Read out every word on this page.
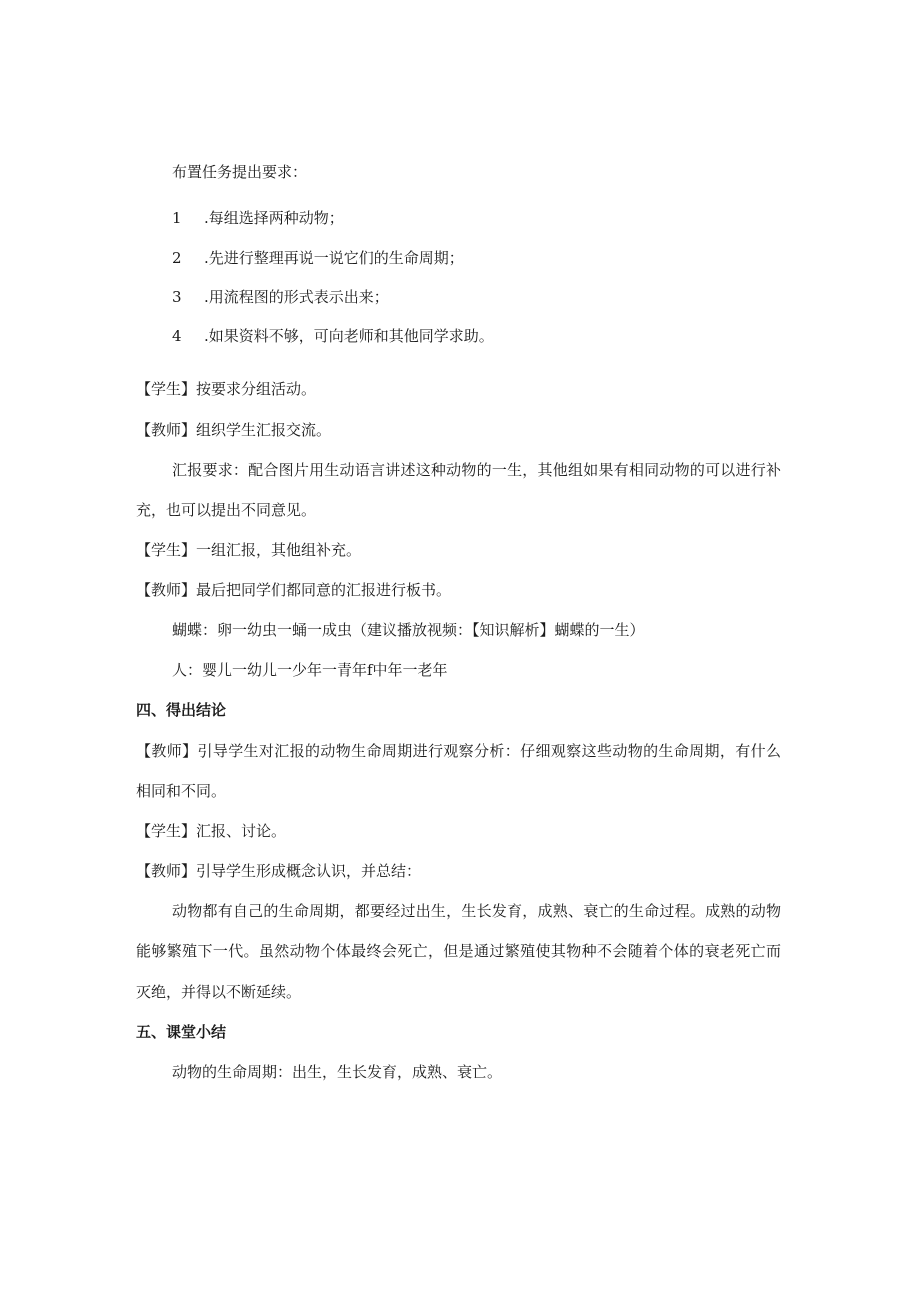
布置任务提出要求：
1 .每组选择两种动物；
2 .先进行整理再说一说它们的生命周期；
3 .用流程图的形式表示出来；
4 .如果资料不够，可向老师和其他同学求助。
【学生】按要求分组活动。
【教师】组织学生汇报交流。
汇报要求：配合图片用生动语言讲述这种动物的一生，其他组如果有相同动物的可以进行补
充，也可以提出不同意见。
【学生】一组汇报，其他组补充。
【教师】最后把同学们都同意的汇报进行板书。
蝴蝶：卵一幼虫一蛹一成虫（建议播放视频：【知识解析】蝴蝶的一生）
人：婴儿一幼儿一少年一青年f中年一老年
四、得出结论
【教师】引导学生对汇报的动物生命周期进行观察分析：仔细观察这些动物的生命周期，有什么
相同和不同。
【学生】汇报、讨论。
【教师】引导学生形成概念认识，并总结：
动物都有自己的生命周期，都要经过出生，生长发育，成熟、衰亡的生命过程。成熟的动物
能够繁殖下一代。虽然动物个体最终会死亡，但是通过繁殖使其物种不会随着个体的衰老死亡而
灭绝，并得以不断延续。
五、课堂小结
动物的生命周期：出生，生长发育，成熟、衰亡。
